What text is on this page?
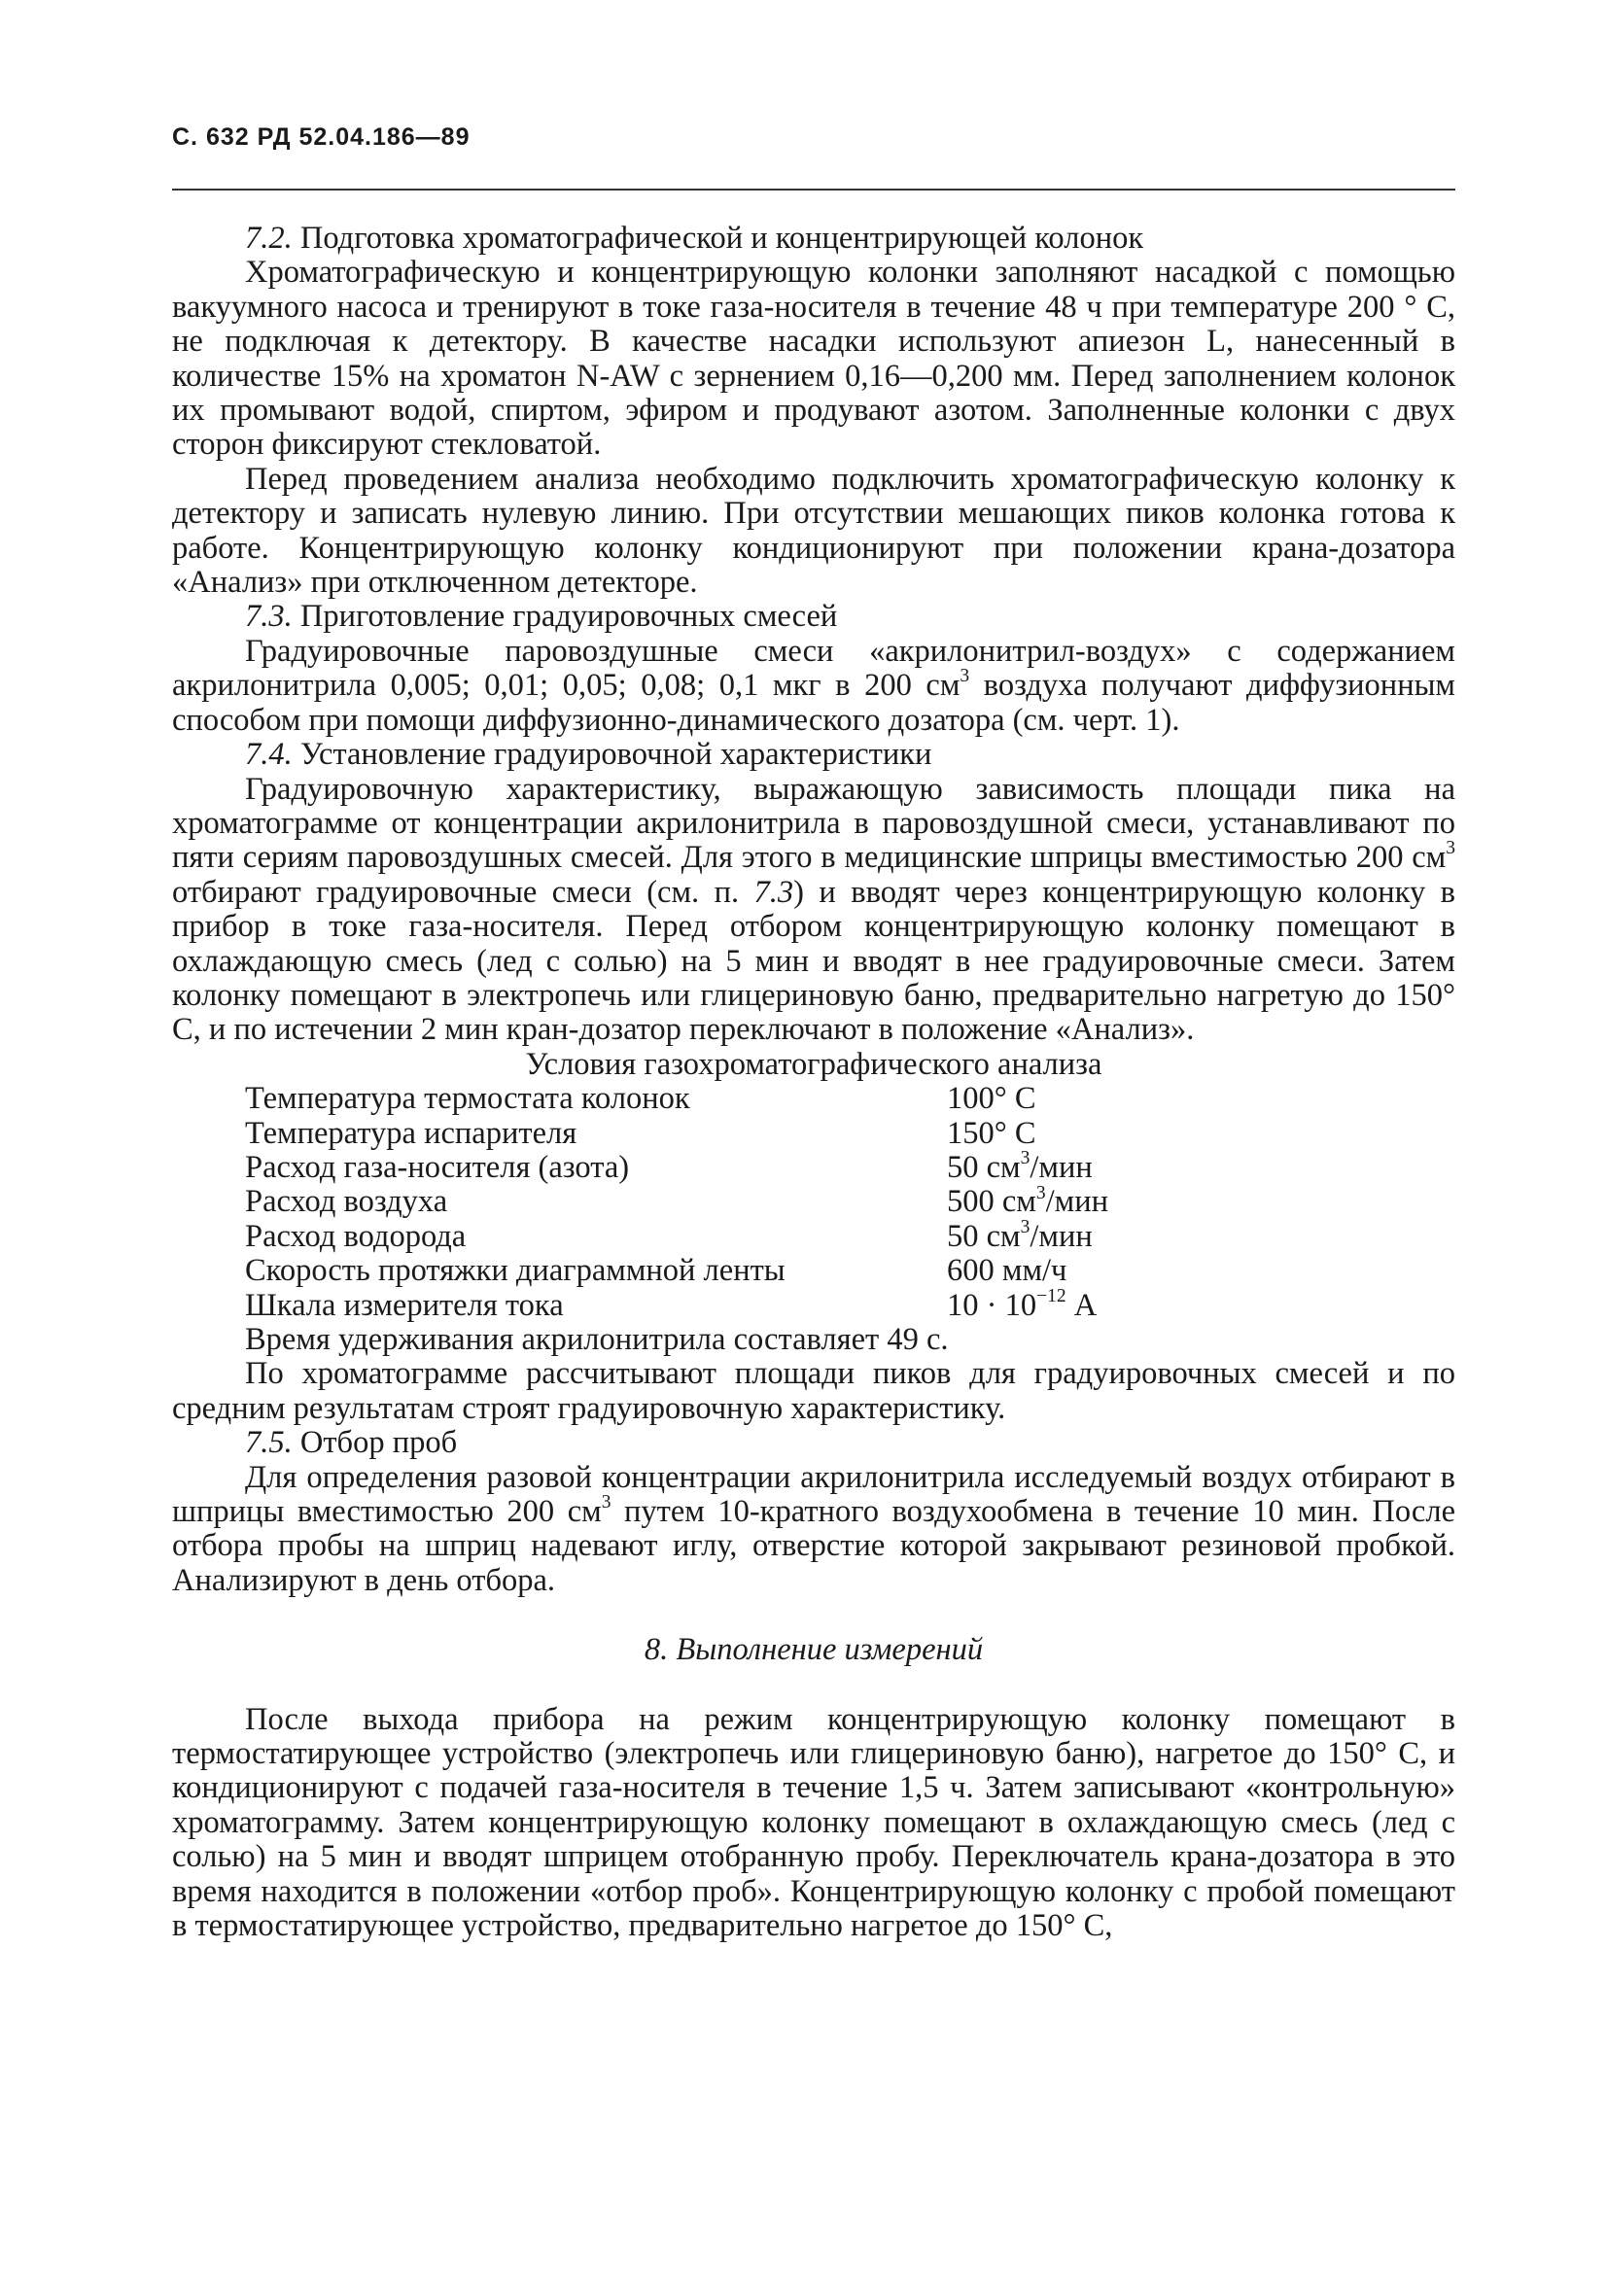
С. 632 РД 52.04.186—89

7.2. Подготовка хроматографической и концентрирующей колонок

Хроматографическую и концентрирующую колонки заполняют насадкой с помощью вакуумного насоса и тренируют в токе газа-носителя в течение 48 ч при температуре 200 ° С, не подключая к детектору. В качестве насадки используют апиезон L, нанесенный в количестве 15% на хроматон N-AW с зернением 0,16—0,200 мм. Перед заполнением колонок их промывают водой, спиртом, эфиром и продувают азотом. Заполненные колонки с двух сторон фиксируют стекловатой.

Перед проведением анализа необходимо подключить хроматографическую колонку к детектору и записать нулевую линию. При отсутствии мешающих пиков колонка готова к работе. Концентрирующую колонку кондиционируют при положении крана-дозатора «Анализ» при отключенном детекторе.

7.3. Приготовление градуировочных смесей

Градуировочные паровоздушные смеси «акрилонитрил-воздух» с содержанием акрилонитрила 0,005; 0,01; 0,05; 0,08; 0,1 мкг в 200 $см^3$ воздуха получают диффузионным способом при помощи диффузионно-динамического дозатора (см. черт. 1).

7.4. Установление градуировочной характеристики

Градуировочную характеристику, выражающую зависимость площади пика на хроматограмме от концентрации акрилонитрила в паровоздушной смеси, устанавливают по пяти сериям паровоздушных смесей. Для этого в медицинские шприцы вместимостью 200 $см^3$ отбирают градуировочные смеси (см. п. 7.3) и вводят через концентрирующую колонку в прибор в токе газа-носителя. Перед отбором концентрирующую колонку помещают в охлаждающую смесь (лед с солью) на 5 мин и вводят в нее градуировочные смеси. Затем колонку помещают в электропечь или глицериновую баню, предварительно нагретую до 150° С, и по истечении 2 мин кран-дозатор переключают в положение «Анализ».

Условия газохроматографического анализа

Температура термостата колонок	100° С
Температура испарителя	150° С
Расход газа-носителя (азота)	50 $см^3$/мин
Расход воздуха	500 $см^3$/мин
Расход водорода	50 $см^3$/мин
Скорость протяжки диаграммной ленты	600 мм/ч
Шкала измерителя тока	$10 \cdot 10^{-12}$ А

Время удерживания акрилонитрила составляет 49 с.

По хроматограмме рассчитывают площади пиков для градуировочных смесей и по средним результатам строят градуировочную характеристику.

7.5. Отбор проб

Для определения разовой концентрации акрилонитрила исследуемый воздух отбирают в шприцы вместимостью 200 $см^3$ путем 10-кратного воздухообмена в течение 10 мин. После отбора пробы на шприц надевают иглу, отверстие которой закрывают резиновой пробкой. Анализируют в день отбора.

8. Выполнение измерений

После выхода прибора на режим концентрирующую колонку помещают в термостатирующее устройство (электропечь или глицериновую баню), нагретое до 150° С, и кондиционируют с подачей газа-носителя в течение 1,5 ч. Затем записывают «контрольную» хроматограмму. Затем концентрирующую колонку помещают в охлаждающую смесь (лед с солью) на 5 мин и вводят шприцем отобранную пробу. Переключатель крана-дозатора в это время находится в положении «отбор проб». Концентрирующую колонку с пробой помещают в термостатирующее устройство, предварительно нагретое до 150° С,
